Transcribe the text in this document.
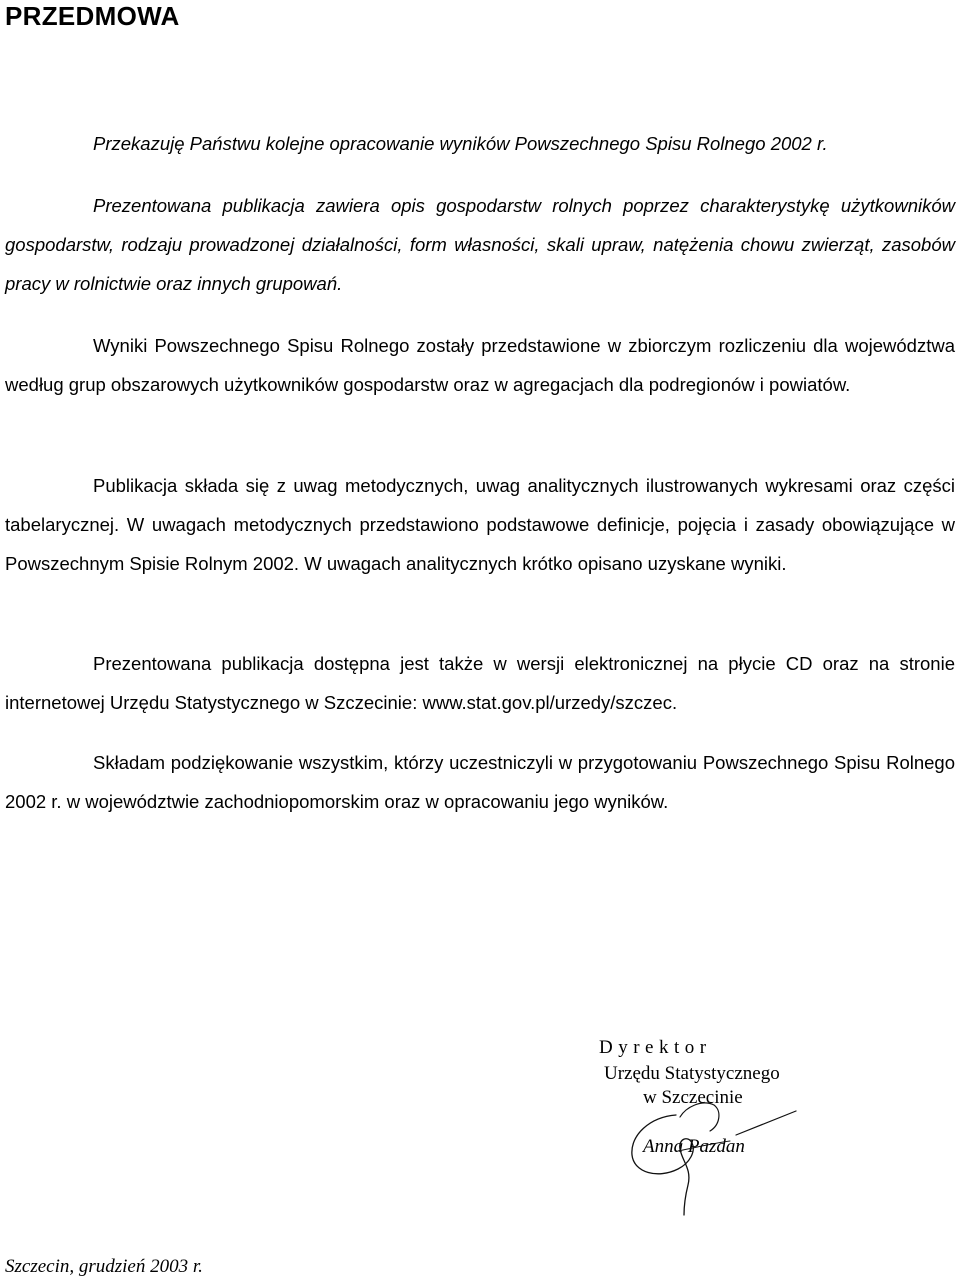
PRZEDMOWA

Przekazuję Państwu kolejne opracowanie wyników Powszechnego Spisu Rolnego 2002 r.

Prezentowana publikacja zawiera opis gospodarstw rolnych poprzez charakterystykę użytkowników gospodarstw, rodzaju prowadzonej działalności, form własności, skali upraw, natężenia chowu zwierząt, zasobów pracy w rolnictwie oraz innych grupowań.

Wyniki Powszechnego Spisu Rolnego zostały przedstawione w zbiorczym rozliczeniu dla województwa według grup obszarowych użytkowników gospodarstw oraz w agregacjach dla podregionów i powiatów.

Publikacja składa się z uwag metodycznych, uwag analitycznych ilustrowanych wykresami oraz części tabelarycznej. W uwagach metodycznych przedstawiono podstawowe definicje, pojęcia i zasady obowiązujące w Powszechnym Spisie Rolnym 2002. W uwagach analitycznych krótko opisano uzyskane wyniki.

Prezentowana publikacja dostępna jest także w wersji elektronicznej na płycie CD oraz na stronie internetowej Urzędu Statystycznego w Szczecinie: www.stat.gov.pl/urzedy/szczec.

Składam podziękowanie wszystkim, którzy uczestniczyli w przygotowaniu Powszechnego Spisu Rolnego 2002 r. w województwie zachodniopomorskim oraz w opracowaniu jego wyników.

Dyrektor
Urzędu Statystycznego
w Szczecinie
Anna Pazdan

Szczecin, grudzień 2003 r.
